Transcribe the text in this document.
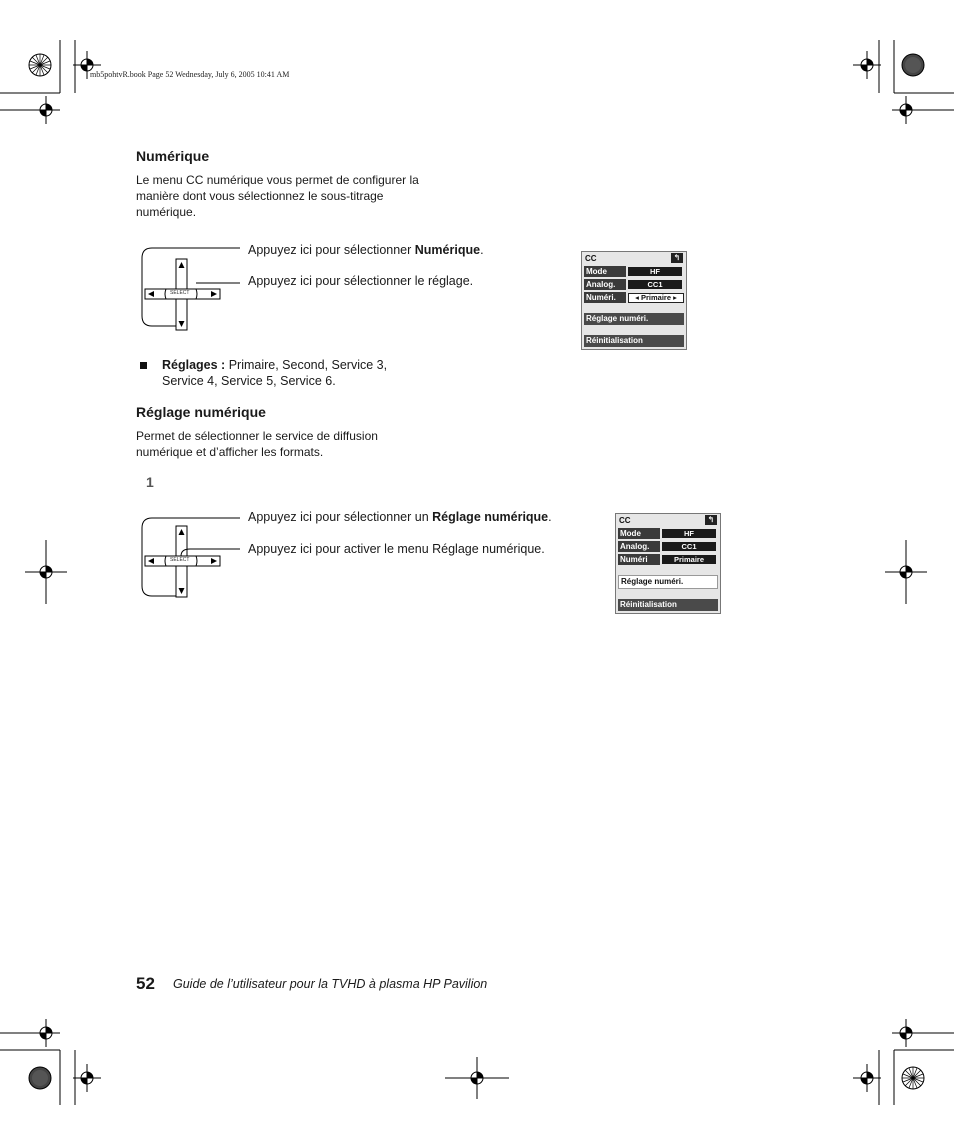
mb5pohtvR.book Page 52 Wednesday, July 6, 2005 10:41 AM
Numérique
Le menu CC numérique vous permet de configurer la
manière dont vous sélectionnez le sous-titrage
numérique.
SELECT
Appuyez ici pour sélectionner Numérique.
Appuyez ici pour sélectionner le réglage.
CC	↰
Mode	HF
Analog.	CC1
Numéri.	◂ Primaire ▸
Réglage numéri.
Réinitialisation
Réglages : Primaire, Second, Service 3,
Service 4, Service 5, Service 6.
Réglage numérique
Permet de sélectionner le service de diffusion
numérique et d’afficher les formats.
1
SELECT
Appuyez ici pour sélectionner un Réglage numérique.
Appuyez ici pour activer le menu Réglage numérique.
CC	↰
Mode	HF
Analog.	CC1
Numéri	Primaire
Réglage numéri.
Réinitialisation
52 Guide de l’utilisateur pour la TVHD à plasma HP Pavilion
